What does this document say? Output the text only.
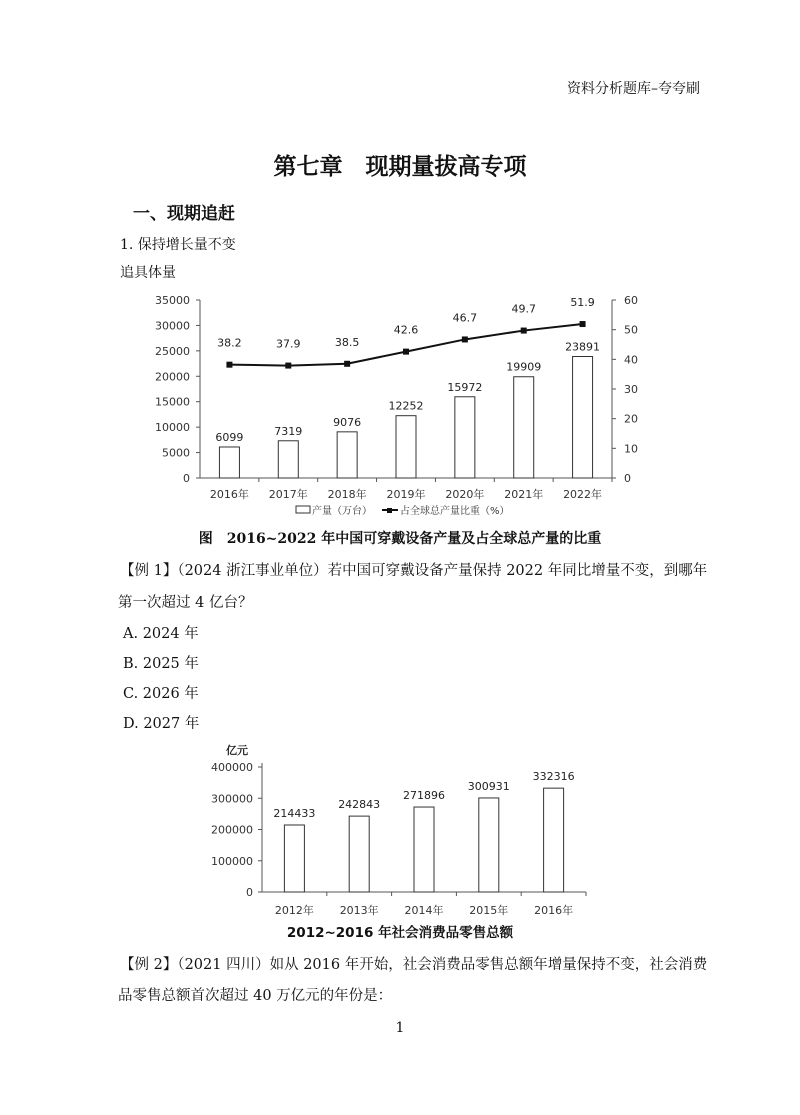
资料分析题库–夸夸刷
第七章　现期量拔高专项
一、现期追赶
1. 保持增长量不变
追具体量
0
5000
10000
15000
20000
25000
30000
35000
0
10
20
30
40
50
60
6099
2016年
7319
2017年
9076
2018年
12252
2019年
15972
2020年
19909
2021年
23891
2022年
38.2	37.9	38.5
42.6
46.7
49.7
51.9
产量（万台）	占全球总产量比重（%）
图　2016~2022 年中国可穿戴设备产量及占全球总产量的比重
【例 1】（2024 浙江事业单位）若中国可穿戴设备产量保持 2022 年同比增量不变，到哪年
第一次超过 4 亿台？
A. 2024 年
B. 2025 年
C. 2026 年
D. 2027 年
亿元
0
100000
200000
300000
400000
214433
2012年
242843
2013年
271896
2014年
300931
2015年
332316
2016年
2012~2016 年社会消费品零售总额
【例 2】（2021 四川）如从 2016 年开始，社会消费品零售总额年增量保持不变，社会消费
品零售总额首次超过 40 万亿元的年份是：
1
